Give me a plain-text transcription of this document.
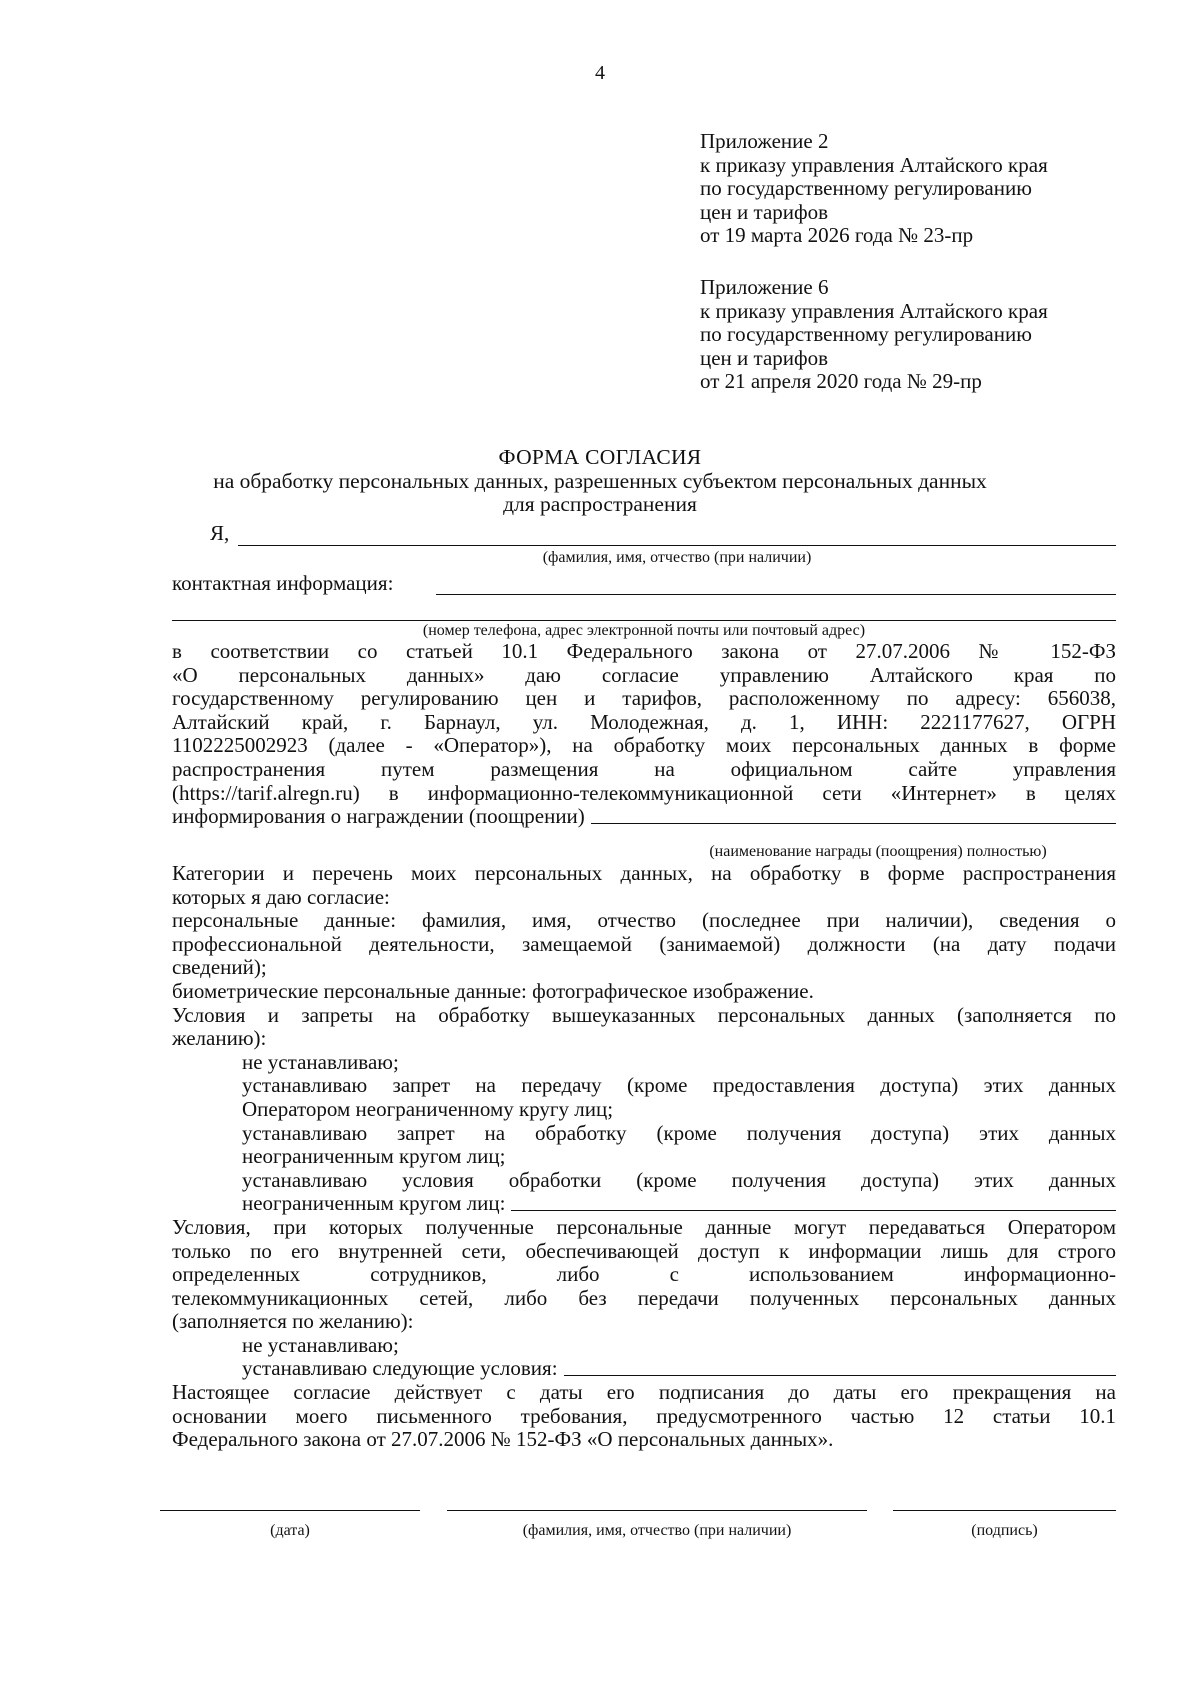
4
Приложение 2
к приказу управления Алтайского края
по государственному регулированию
цен и тарифов
от 19 марта 2026 года № 23-пр
Приложение 6
к приказу управления Алтайского края
по государственному регулированию
цен и тарифов
от 21 апреля 2020 года № 29-пр
ФОРМА СОГЛАСИЯ
на обработку персональных данных, разрешенных субъектом персональных данных
для распространения
Я,
(фамилия, имя, отчество (при наличии)
контактная информация:
(номер телефона, адрес электронной почты или почтовый адрес)
в соответствии со статьей 10.1 Федерального закона от 27.07.2006 № 152-ФЗ
«О персональных данных» даю согласие управлению Алтайского края по
государственному регулированию цен и тарифов, расположенному по адресу: 656038,
Алтайский край, г. Барнаул, ул. Молодежная, д. 1, ИНН: 2221177627, ОГРН
1102225002923 (далее - «Оператор»), на обработку моих персональных данных в форме
распространения путем размещения на официальном сайте управления
(https://tarif.alregn.ru) в информационно-телекоммуникационной сети «Интернет» в целях
информирования о награждении (поощрении)
(наименование награды (поощрения) полностью)
Категории и перечень моих персональных данных, на обработку в форме распространения
которых я даю согласие:
персональные данные: фамилия, имя, отчество (последнее при наличии), сведения о
профессиональной деятельности, замещаемой (занимаемой) должности (на дату подачи
сведений);
биометрические персональные данные: фотографическое изображение.
Условия и запреты на обработку вышеуказанных персональных данных (заполняется по
желанию):
не устанавливаю;
устанавливаю запрет на передачу (кроме предоставления доступа) этих данных
Оператором неограниченному кругу лиц;
устанавливаю запрет на обработку (кроме получения доступа) этих данных
неограниченным кругом лиц;
устанавливаю условия обработки (кроме получения доступа) этих данных
неограниченным кругом лиц:
Условия, при которых полученные персональные данные могут передаваться Оператором
только по его внутренней сети, обеспечивающей доступ к информации лишь для строго
определенных сотрудников, либо с использованием информационно-
телекоммуникационных сетей, либо без передачи полученных персональных данных
(заполняется по желанию):
не устанавливаю;
устанавливаю следующие условия:
Настоящее согласие действует с даты его подписания до даты его прекращения на
основании моего письменного требования, предусмотренного частью 12 статьи 10.1
Федерального закона от 27.07.2006 № 152-ФЗ «О персональных данных».
(дата)	(фамилия, имя, отчество (при наличии)	(подпись)
